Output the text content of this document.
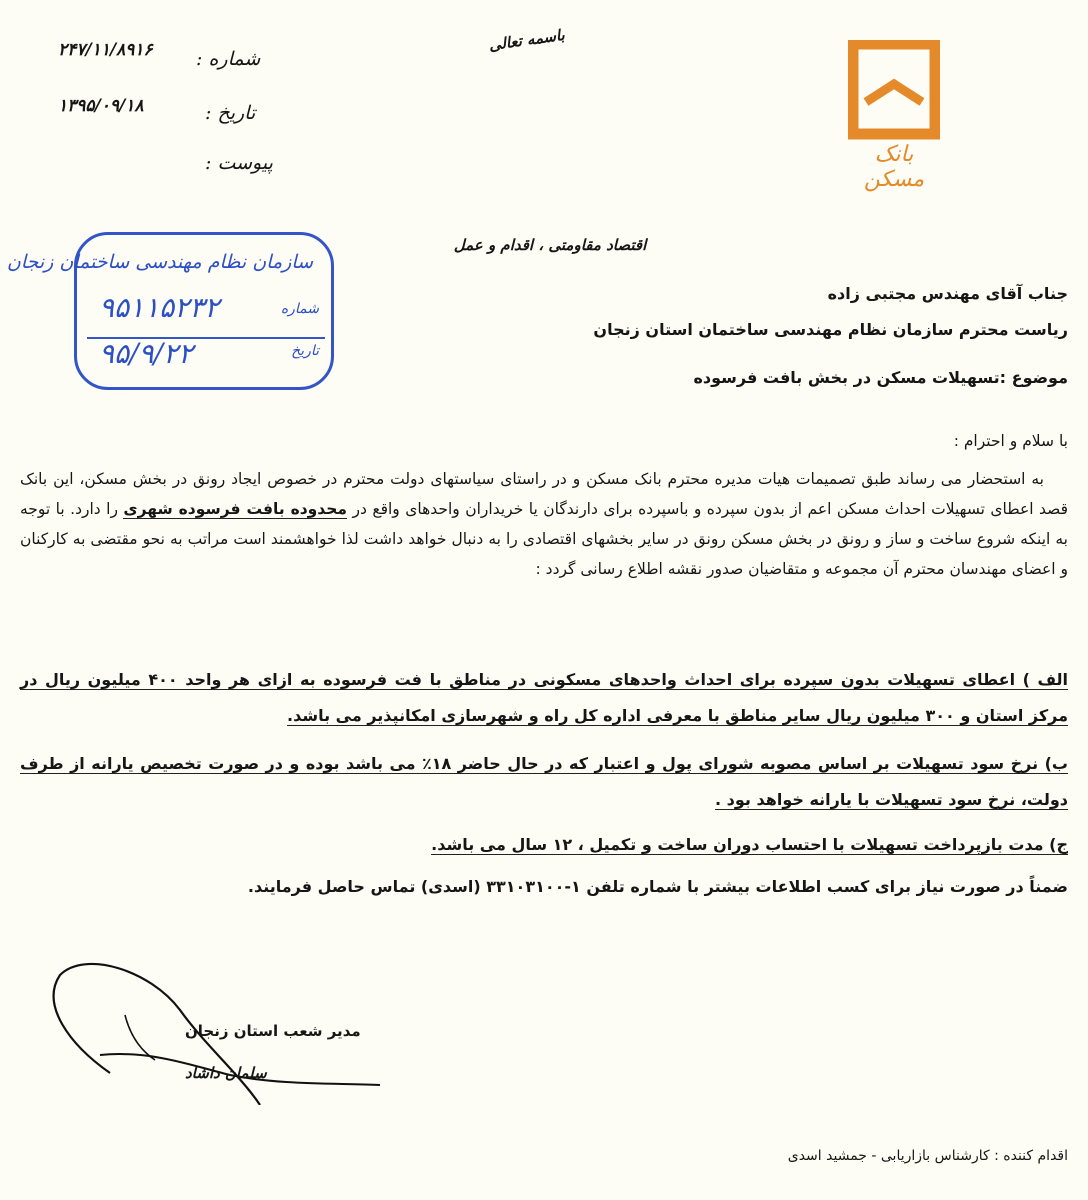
باسمه تعالی
شماره :
۲۴۷/۱۱/۸۹۱۶
تاریخ :
۱۳۹۵/۰۹/۱۸
پیوست :	بانک مسکن
اقتصاد مقاومتی ، اقدام و عمل
سازمان نظام مهندسی ساختمان زنجان
شماره
۹۵۱۱۵۲۳۲
تاریخ
۹۵/۹/۲۲
جناب آقای مهندس مجتبی زاده
ریاست محترم سازمان نظام مهندسی ساختمان استان زنجان
موضوع :تسهیلات مسکن در بخش بافت فرسوده
با سلام و احترام :
به استحضار می رساند طبق تصمیمات هیات مدیره محترم بانک مسکن و در راستای سیاستهای دولت محترم در خصوص ایجاد رونق در بخش مسکن، این بانک قصد اعطای تسهیلات احداث مسکن اعم از بدون سپرده و باسپرده برای دارندگان یا خریداران واحدهای واقع در محدوده بافت فرسوده شهری را دارد. با توجه به اینکه شروع ساخت و ساز و رونق در بخش مسکن رونق در سایر بخشهای اقتصادی را به دنبال خواهد داشت لذا خواهشمند است مراتب به نحو مقتضی به کارکنان و اعضای مهندسان محترم آن مجموعه و متقاضیان صدور نقشه اطلاع رسانی گردد :
الف ) اعطای تسهیلات بدون سپرده برای احداث واحدهای مسکونی در مناطق با فت فرسوده به ازای هر واحد ۴۰۰ میلیون ریال در مرکز استان و ۳۰۰ میلیون ریال سایر مناطق با معرفی اداره کل راه و شهرسازی امکانپذیر می باشد.
ب) نرخ سود تسهیلات بر اساس مصوبه شورای پول و اعتبار که در حال حاضر ۱۸٪ می باشد بوده و در صورت تخصیص یارانه از طرف دولت، نرخ سود تسهیلات با یارانه خواهد بود .
ج) مدت بازپرداخت تسهیلات با احتساب دوران ساخت و تکمیل ، ۱۲ سال می باشد.
ضمناً در صورت نیاز برای کسب اطلاعات بیشتر با شماره تلفن ۱-۳۳۱۰۳۱۰۰ (اسدی) تماس حاصل فرمایند.
مدیر شعب استان زنجان
سلمان داشاد
اقدام کننده : کارشناس بازاریابی - جمشید اسدی
